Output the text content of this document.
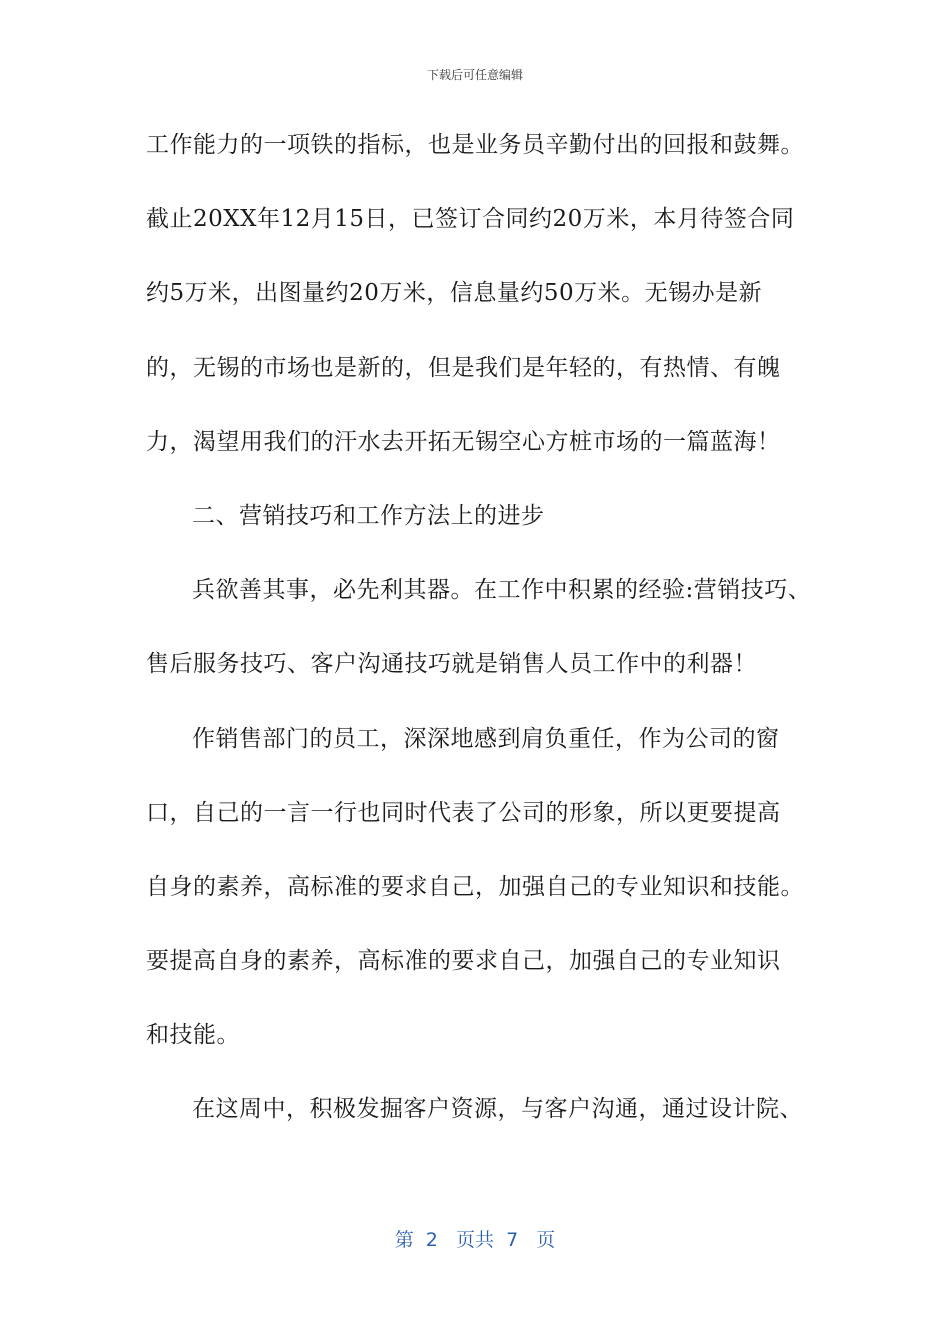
下载后可任意编辑
工作能力的一项铁的指标，也是业务员辛勤付出的回报和鼓舞。
截止20XX年12月15日，已签订合同约20万米，本月待签合同
约5万米，出图量约20万米，信息量约50万米。无锡办是新
的，无锡的市场也是新的，但是我们是年轻的，有热情、有魄
力，渴望用我们的汗水去开拓无锡空心方桩市场的一篇蓝海！
二、营销技巧和工作方法上的进步
兵欲善其事，必先利其器。在工作中积累的经验:营销技巧、
售后服务技巧、客户沟通技巧就是销售人员工作中的利器！
作销售部门的员工，深深地感到肩负重任，作为公司的窗
口，自己的一言一行也同时代表了公司的形象，所以更要提高
自身的素养，高标准的要求自己，加强自己的专业知识和技能。
要提高自身的素养，高标准的要求自己，加强自己的专业知识
和技能。
在这周中，积极发掘客户资源，与客户沟通，通过设计院、
第  2   页共  7   页
